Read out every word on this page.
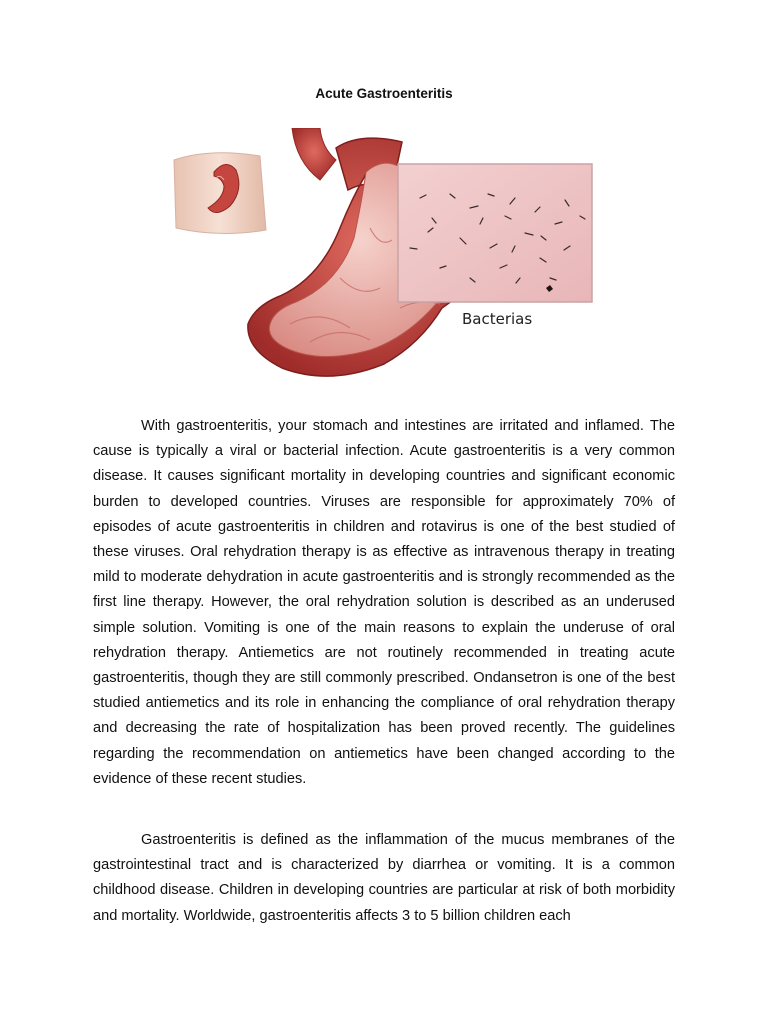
Acute Gastroenteritis
Bacterias

With gastroenteritis, your stomach and intestines are irritated and inflamed. The cause is typically a viral or bacterial infection. Acute gastroenteritis is a very common disease. It causes significant mortality in developing countries and significant economic burden to developed countries. Viruses are responsible for approximately 70% of episodes of acute gastroenteritis in children and rotavirus is one of the best studied of these viruses. Oral rehydration therapy is as effective as intravenous therapy in treating mild to moderate dehydration in acute gastroenteritis and is strongly recommended as the first line therapy. However, the oral rehydration solution is described as an underused simple solution. Vomiting is one of the main reasons to explain the underuse of oral rehydration therapy. Antiemetics are not routinely recommended in treating acute gastroenteritis, though they are still commonly prescribed. Ondansetron is one of the best studied antiemetics and its role in enhancing the compliance of oral rehydration therapy and decreasing the rate of hospitalization has been proved recently. The guidelines regarding the recommendation on antiemetics have been changed according to the evidence of these recent studies.

Gastroenteritis is defined as the inflammation of the mucus membranes of the gastrointestinal tract and is characterized by diarrhea or vomiting. It is a common childhood disease. Children in developing countries are particular at risk of both morbidity and mortality. Worldwide, gastroenteritis affects 3 to 5 billion children each
